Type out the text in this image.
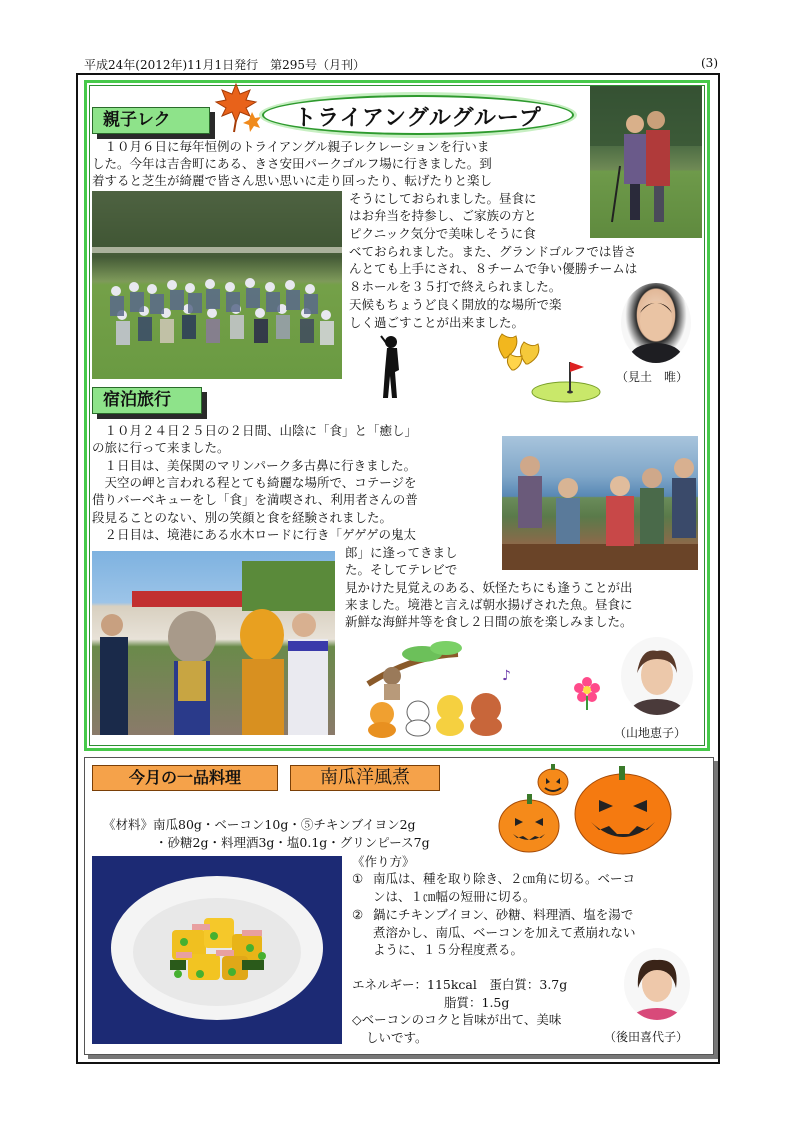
平成24年(2012年)11月1日発行　第295号（月刊）	(3)
親子レク	トライアングルグループ
　１０月６日に毎年恒例のトライアングル親子レクレーションを行いま
した。今年は吉舎町にある、きさ安田パークゴルフ場に行きました。到
着すると芝生が綺麗で皆さん思い思いに走り回ったり、転げたりと楽し
そうにしておられました。昼食に
はお弁当を持参し、ご家族の方と
ピクニック気分で美味しそうに食
べておられました。また、グランドゴルフでは皆さ
んとても上手にされ、８チームで争い優勝チームは
８ホールを３５打で終えられました。
天候もちょうど良く開放的な場所で楽
しく過ごすことが出来ました。
（見土　唯）
宿泊旅行
　１０月２４日２５日の２日間、山陰に「食」と「癒し」
の旅に行って来ました。
　１日目は、美保関のマリンパーク多古鼻に行きました。
　天空の岬と言われる程とても綺麗な場所で、コテージを
借りバーベキューをし「食」を満喫され、利用者さんの普
段見ることのない、別の笑顔と食を経験されました。
　２日目は、境港にある水木ロードに行き「ゲゲゲの鬼太
郎」に逢ってきまし
た。そしてテレビで
見かけた見覚えのある、妖怪たちにも逢うことが出
来ました。境港と言えば朝水揚げされた魚。昼食に
新鮮な海鮮丼等を食し２日間の旅を楽しみました。
♪
（山地恵子）
今月の一品料理	南瓜洋風煮
《材料》南瓜80g・ベーコン10g・⑤チキンブイヨン2g
・砂糖2g・料理酒3g・塩0.1g・グリンピース7g
《作り方》
① 南瓜は、種を取り除き、２㎝角に切る。ベーコ
ンは、１㎝幅の短冊に切る。
② 鍋にチキンブイヨン、砂糖、料理酒、塩を湯で
煮溶かし、南瓜、ベーコンを加えて煮崩れない
ように、１５分程度煮る。
エネルギー：115kcal　蛋白質：3.7g
脂質：1.5g
◇ベーコンのコクと旨味が出て、美味
しいです。	（後田喜代子）
